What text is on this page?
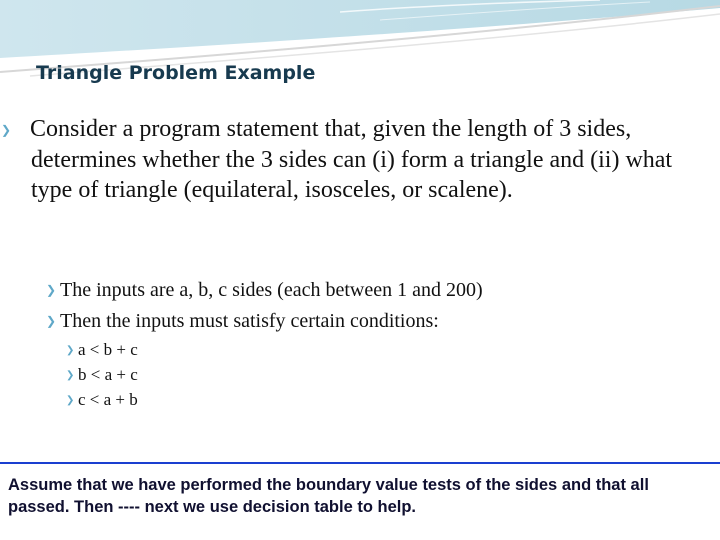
Triangle Problem Example
❯ Consider a program statement that, given the length of 3 sides, determines whether the 3 sides can (i) form a triangle and (ii) what type of triangle (equilateral, isosceles, or scalene).
❯ The inputs are a, b, c sides (each between 1 and 200)
❯ Then the inputs must satisfy certain conditions:
❯ a < b + c
❯ b < a + c
❯ c < a + b
Assume that we have performed the boundary value tests of the sides and that all passed. Then ---- next we use decision table to help.
